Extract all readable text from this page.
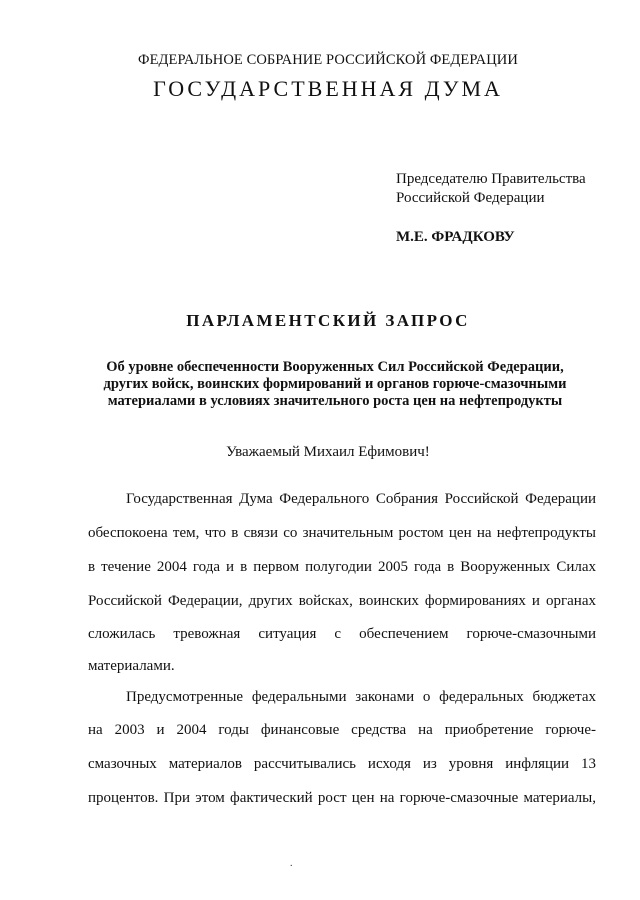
ФЕДЕРАЛЬНОЕ СОБРАНИЕ РОССИЙСКОЙ ФЕДЕРАЦИИ
ГОСУДАРСТВЕННАЯ ДУМА
Председателю Правительства
Российской Федерации
М.Е. ФРАДКОВУ
ПАРЛАМЕНТСКИЙ ЗАПРОС
Об уровне обеспеченности Вооруженных Сил Российской Федерации,
других войск, воинских формирований и органов горюче-смазочными
материалами в условиях значительного роста цен на нефтепродукты
Уважаемый Михаил Ефимович!
Государственная Дума Федерального Собрания Российской Федерации
обеспокоена тем, что в связи со значительным ростом цен на нефтепродукты
в течение 2004 года и в первом полугодии 2005 года в Вооруженных Силах
Российской Федерации, других войсках, воинских формированиях и органах
сложилась тревожная ситуация с обеспечением горюче-смазочными
материалами.
Предусмотренные федеральными законами о федеральных бюджетах
на 2003 и 2004 годы финансовые средства на приобретение горюче-
смазочных материалов рассчитывались исходя из уровня инфляции 13
процентов. При этом фактический рост цен на горюче-смазочные материалы,
.
